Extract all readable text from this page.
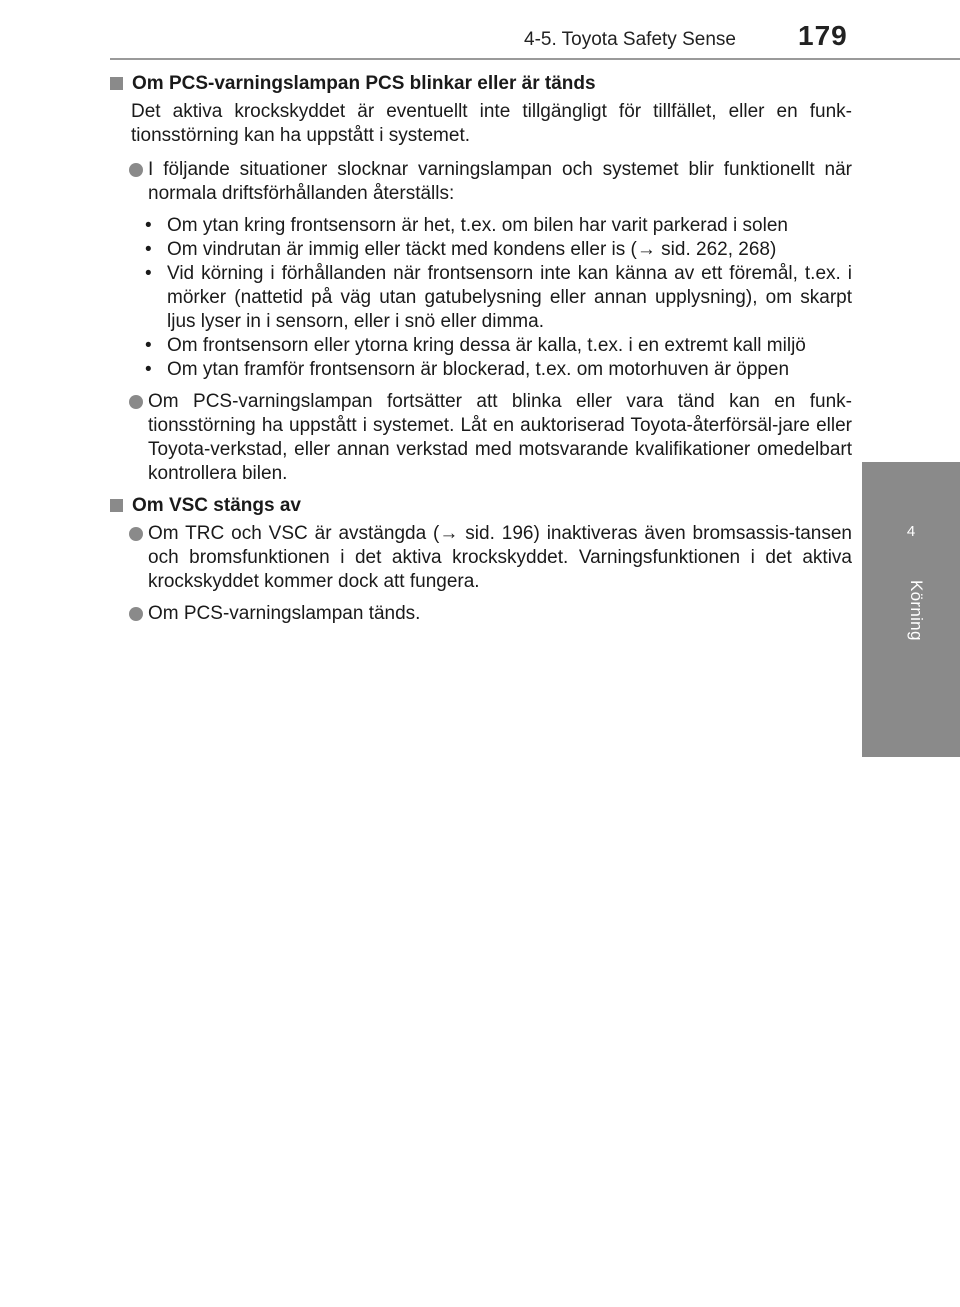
4-5. Toyota Safety Sense 179
4
Körning
Om PCS-varningslampan PCS blinkar eller är tänds
Det aktiva krockskyddet är eventuellt inte tillgängligt för tillfället, eller en funk-tionsstörning kan ha uppstått i systemet.
I följande situationer slocknar varningslampan och systemet blir funktionellt när normala driftsförhållanden återställs:
• Om ytan kring frontsensorn är het, t.ex. om bilen har varit parkerad i solen
• Om vindrutan är immig eller täckt med kondens eller is (→ sid. 262, 268)
• Vid körning i förhållanden när frontsensorn inte kan känna av ett föremål, t.ex. i mörker (nattetid på väg utan gatubelysning eller annan upplysning), om skarpt ljus lyser in i sensorn, eller i snö eller dimma.
• Om frontsensorn eller ytorna kring dessa är kalla, t.ex. i en extremt kall miljö
• Om ytan framför frontsensorn är blockerad, t.ex. om motorhuven är öppen
Om PCS-varningslampan fortsätter att blinka eller vara tänd kan en funk-tionsstörning ha uppstått i systemet. Låt en auktoriserad Toyota-återförsäl-jare eller Toyota-verkstad, eller annan verkstad med motsvarande kvalifikationer omedelbart kontrollera bilen.
Om VSC stängs av
Om TRC och VSC är avstängda (→ sid. 196) inaktiveras även bromsassis-tansen och bromsfunktionen i det aktiva krockskyddet. Varningsfunktionen i det aktiva krockskyddet kommer dock att fungera.
Om PCS-varningslampan tänds.
